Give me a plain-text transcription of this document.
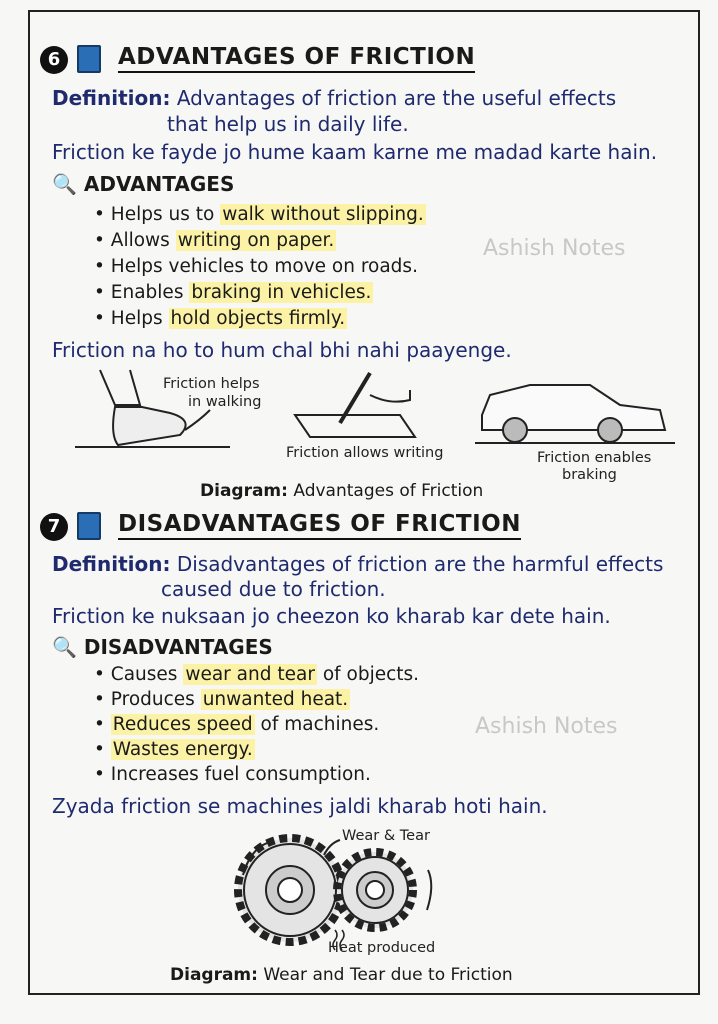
6	ADVANTAGES OF FRICTION
Definition: Advantages of friction are the useful effects
that help us in daily life.
Friction ke fayde jo hume kaam karne me madad karte hain.
🔍 ADVANTAGES
• Helps us to walk without slipping.
• Allows writing on paper.
• Helps vehicles to move on roads.
• Enables braking in vehicles.
• Helps hold objects firmly.
Ashish Notes
Friction na ho to hum chal bhi nahi paayenge.
Friction helps
in walking
Friction allows writing	Friction enables
braking
Diagram: Advantages of Friction
7	DISADVANTAGES OF FRICTION
Definition: Disadvantages of friction are the harmful effects
caused due to friction.
Friction ke nuksaan jo cheezon ko kharab kar dete hain.
🔍 DISADVANTAGES
• Causes wear and tear of objects.
• Produces unwanted heat.
• Reduces speed of machines.
• Wastes energy.
• Increases fuel consumption.
Ashish Notes
Zyada friction se machines jaldi kharab hoti hain.
Wear & Tear
Heat produced
Diagram: Wear and Tear due to Friction
